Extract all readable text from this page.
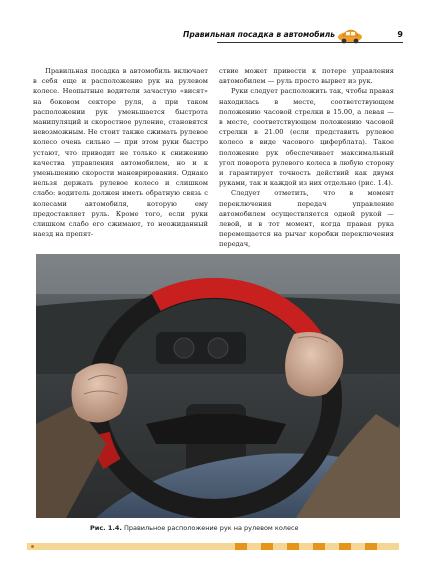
Правильная посадка в автомобиль	9

Правильная посадка в автомобиль включает в себя еще и расположение рук на рулевом колесе. Неопытные водители зачастую «висят» на боковом секторе руля, а при таком расположении рук уменьшается быстрота манипуляций и скоростное руление, становятся невозможным. Не стоит также сжимать рулевое колесо очень сильно — при этом руки быстро устают, что приводит не только к снижению качества управления автомобилем, но и к уменьшению скорости маневрирования. Однако нельзя держать рулевое колесо и слишком слабо: водитель должен иметь обратную связь с колесами автомобиля, которую ему предоставляет руль. Кроме того, если руки слишком слабо его сжимают, то неожиданный наезд на препят-

ствие может привести к потере управления автомобилем — руль просто вырвет из рук.

Руки следует расположить так, чтобы правая находилась в месте, соответствующем положению часовой стрелки в 15.00, а левая — в месте, соответствующем положению часовой стрелки в 21.00 (если представить рулевое колесо в виде часового циферблата). Такое положение рук обеспечивает максимальный угол поворота рулевого колеса в любую сторону и гарантирует точность действий как двумя руками, так и каждой из них отдельно (рис. 1.4).

Следует отметить, что в момент переключения передач управление автомобилем осуществляется одной рукой — левой, и в тот момент, когда правая рука перемещается на рычаг коробки переключения передач,

Рис. 1.4. Правильное расположение рук на рулевом колесе
